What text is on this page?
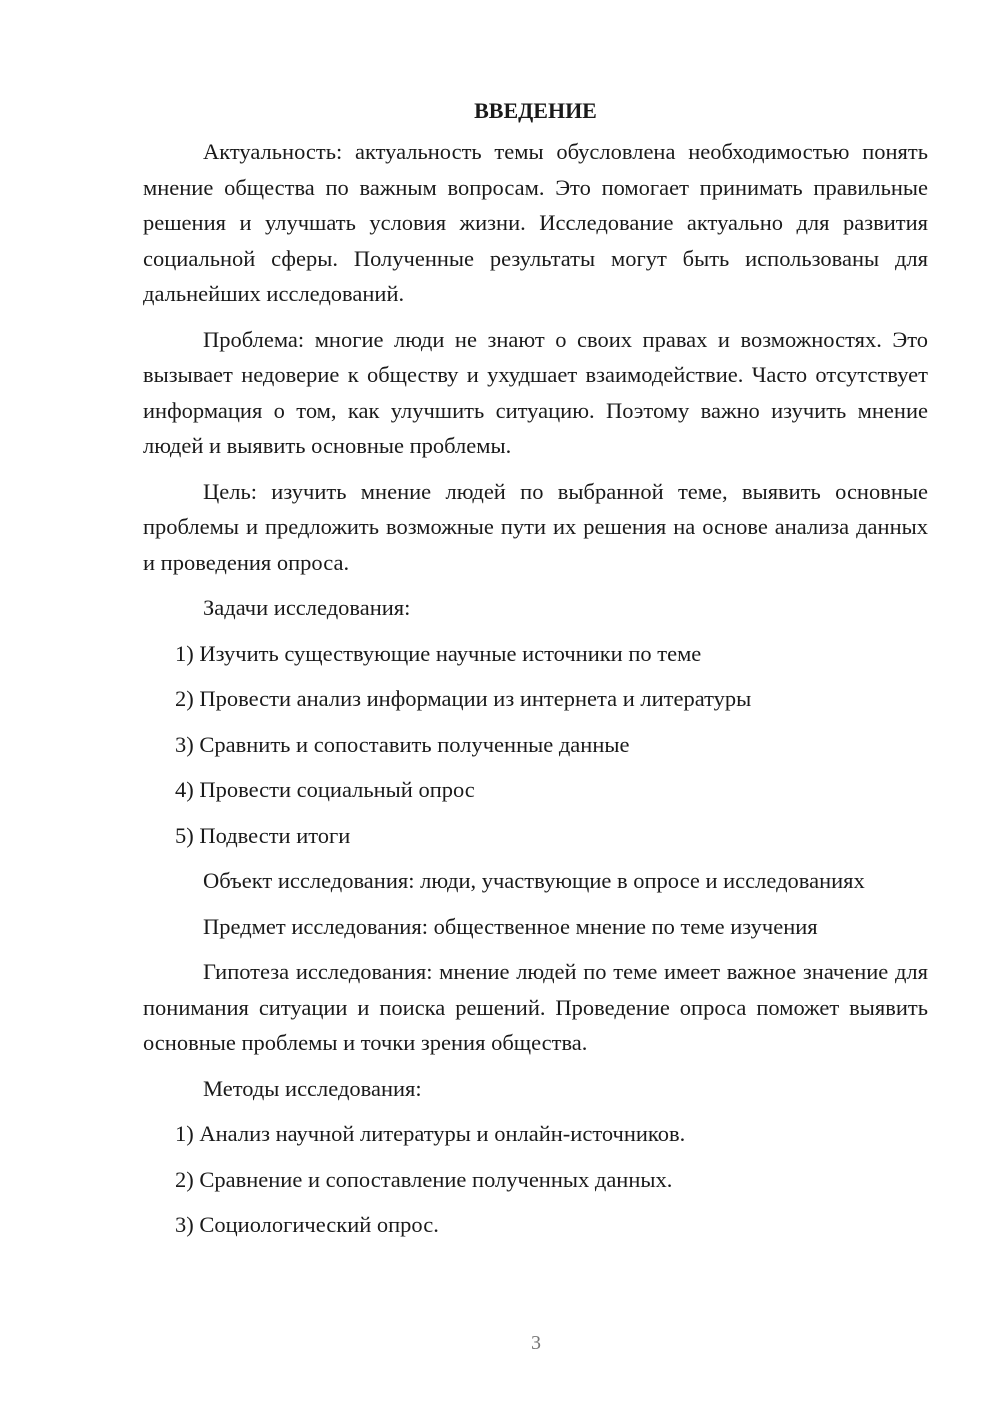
ВВЕДЕНИЕ

Актуальность: актуальность темы обусловлена необходимостью понять мнение общества по важным вопросам. Это помогает принимать правильные решения и улучшать условия жизни. Исследование актуально для развития социальной сферы. Полученные результаты могут быть использованы для дальнейших исследований.

Проблема: многие люди не знают о своих правах и возможностях. Это вызывает недоверие к обществу и ухудшает взаимодействие. Часто отсутствует информация о том, как улучшить ситуацию. Поэтому важно изучить мнение людей и выявить основные проблемы.

Цель: изучить мнение людей по выбранной теме, выявить основные проблемы и предложить возможные пути их решения на основе анализа данных и проведения опроса.

Задачи исследования:
1) Изучить существующие научные источники по теме
2) Провести анализ информации из интернета и литературы
3) Сравнить и сопоставить полученные данные
4) Провести социальный опрос
5) Подвести итоги
Объект исследования: люди, участвующие в опросе и исследованиях
Предмет исследования: общественное мнение по теме изучения

Гипотеза исследования: мнение людей по теме имеет важное значение для понимания ситуации и поиска решений. Проведение опроса поможет выявить основные проблемы и точки зрения общества.

Методы исследования:
1) Анализ научной литературы и онлайн-источников.
2) Сравнение и сопоставление полученных данных.
3) Социологический опрос.
3
